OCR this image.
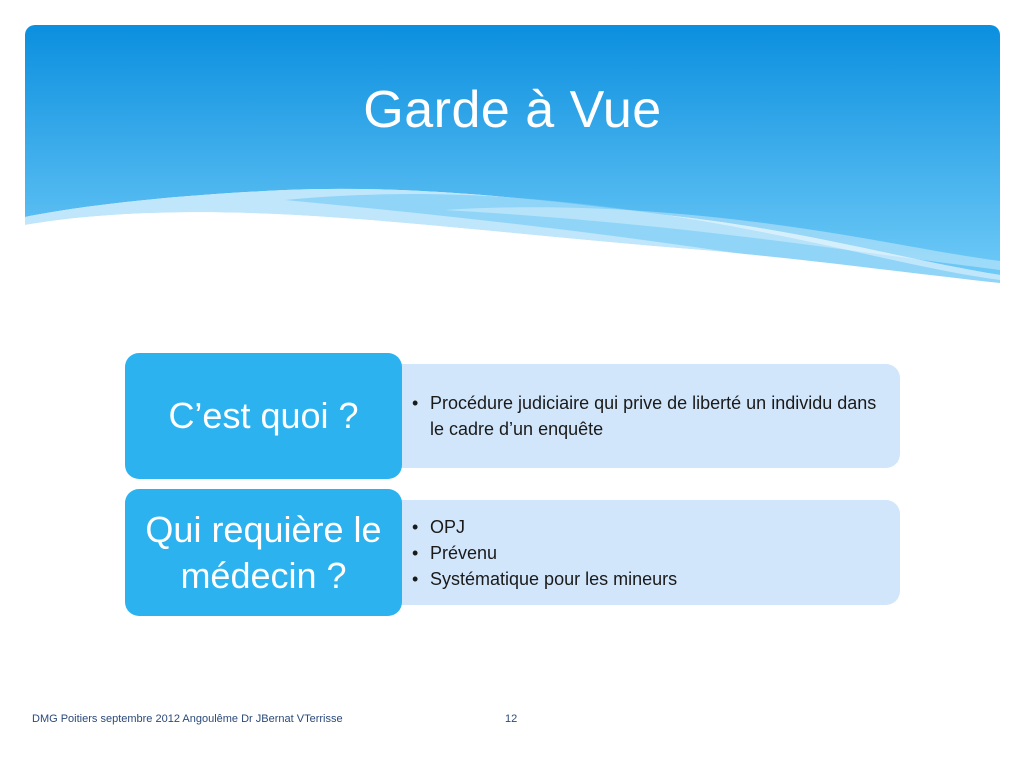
Garde à Vue
• Procédure judiciaire qui prive de liberté un individu dans le cadre d’un enquête
C’est quoi ?
• OPJ
• Prévenu
• Systématique pour les mineurs
Qui requière le médecin ?
DMG Poitiers septembre 2012 Angoulême Dr JBernat VTerrisse	12
